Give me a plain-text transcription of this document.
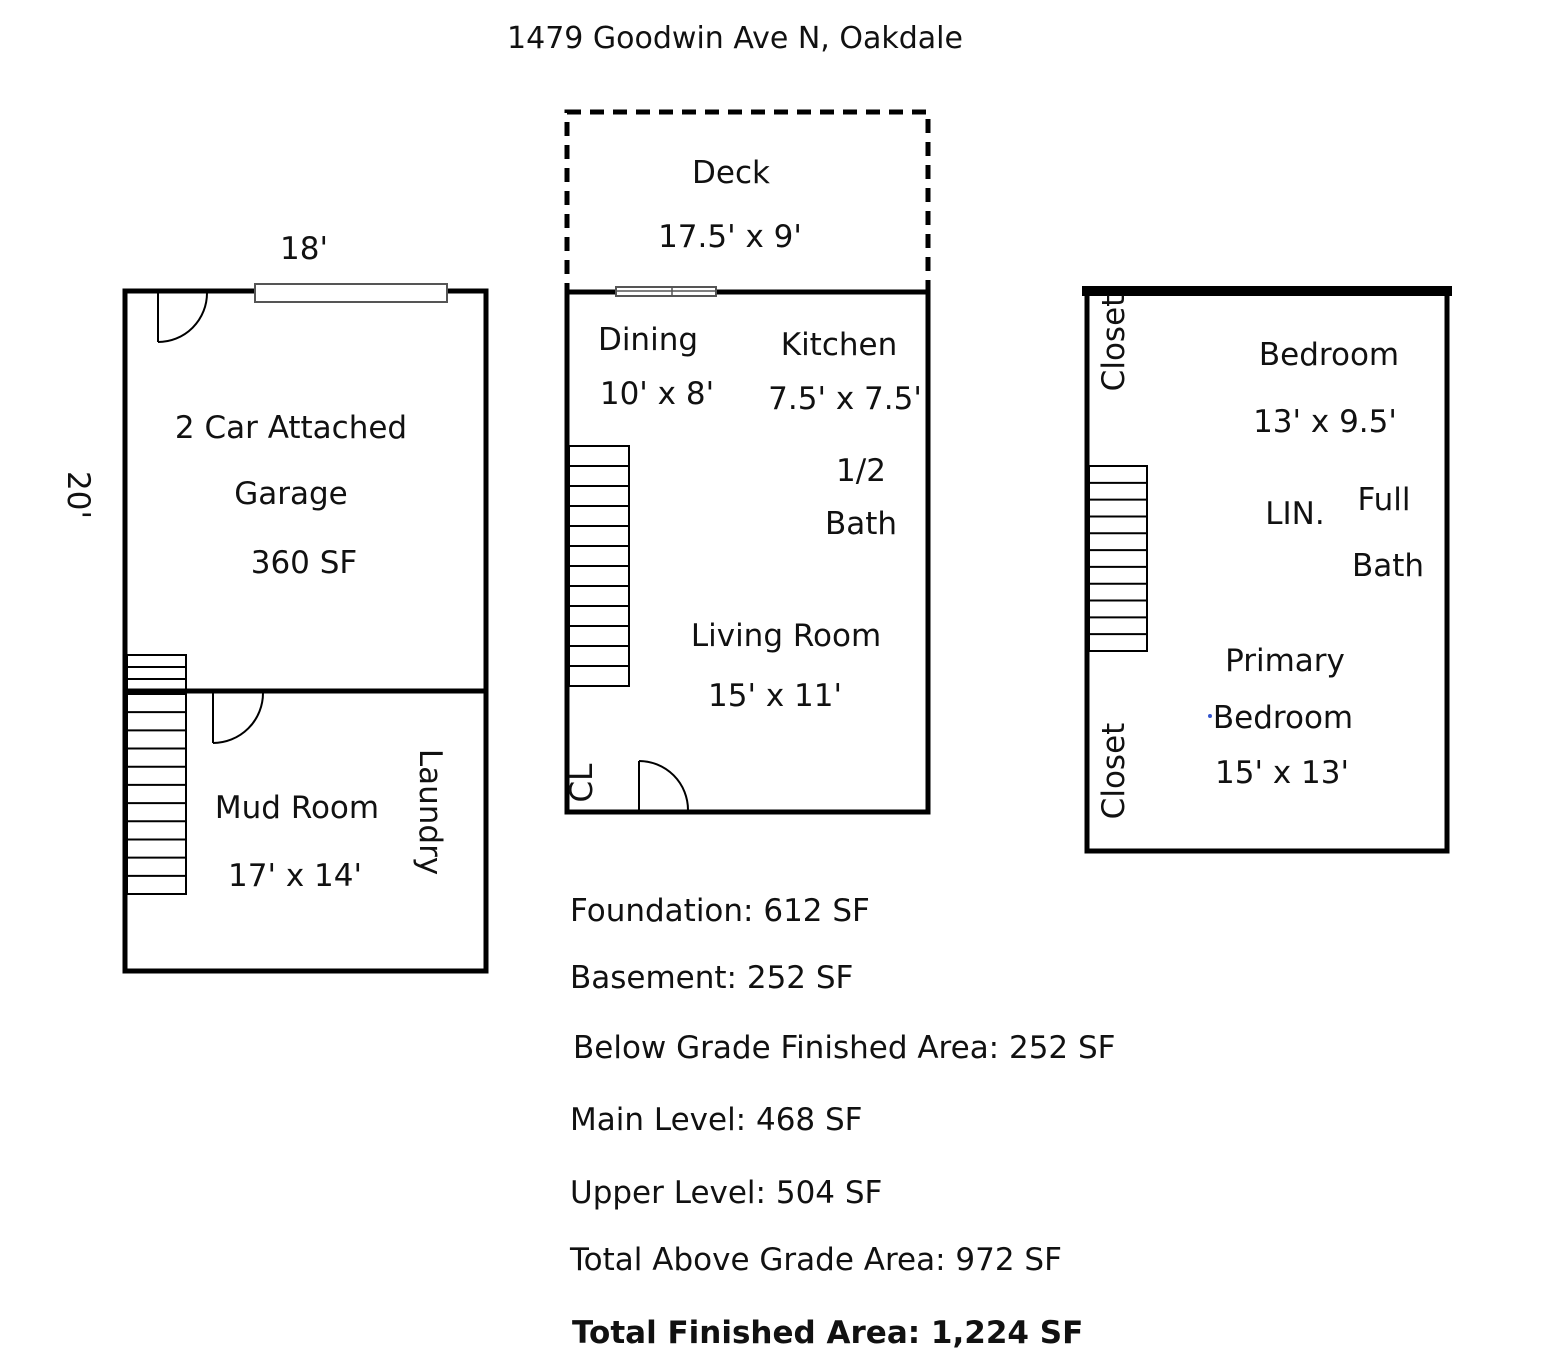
1479 Goodwin Ave N, Oakdale
18'
20'
2 Car Attached
Garage
360 SF
Mud Room
17' x 14'
Laundry
Deck
17.5' x 9'
Dining
10' x 8'
Kitchen
7.5' x 7.5'
1/2
Bath
Living Room
15' x 11'
CL
Closet	Bedroom
13' x 9.5'
LIN. Full
Bath
Primary
Bedroom
15' x 13'
Closet
Foundation: 612 SF
Basement: 252 SF
Below Grade Finished Area: 252 SF
Main Level: 468 SF
Upper Level: 504 SF
Total Above Grade Area: 972 SF
Total Finished Area: 1,224 SF
